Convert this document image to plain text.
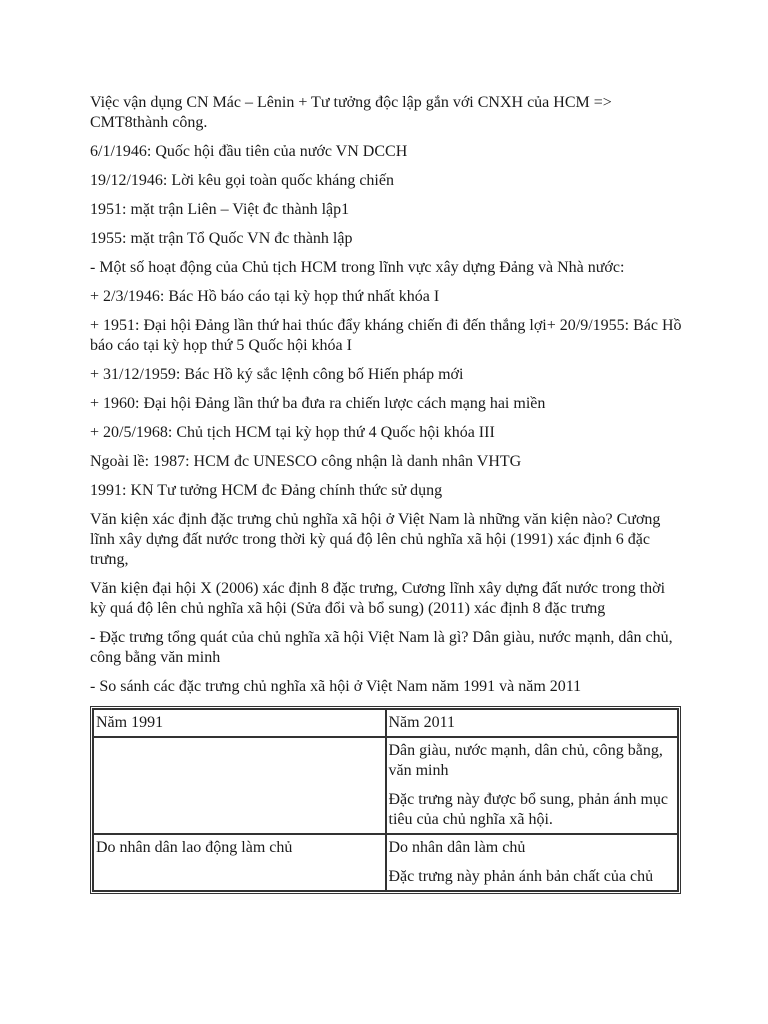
Việc vận dụng CN Mác – Lênin + Tư tưởng độc lập gắn với CNXH của HCM => CMT8thành công.

6/1/1946: Quốc hội đầu tiên của nước VN DCCH

19/12/1946: Lời kêu gọi toàn quốc kháng chiến

1951: mặt trận Liên – Việt đc thành lập1

1955: mặt trận Tổ Quốc VN đc thành lập

- Một số hoạt động của Chủ tịch HCM trong lĩnh vực xây dựng Đảng và Nhà nước:

+ 2/3/1946: Bác Hồ báo cáo tại kỳ họp thứ nhất khóa I

+ 1951: Đại hội Đảng lần thứ hai thúc đẩy kháng chiến đi đến thắng lợi+ 20/9/1955: Bác Hồ báo cáo tại kỳ họp thứ 5 Quốc hội khóa I

+ 31/12/1959: Bác Hồ ký sắc lệnh công bố Hiến pháp mới

+ 1960: Đại hội Đảng lần thứ ba đưa ra chiến lược cách mạng hai miền

+ 20/5/1968: Chủ tịch HCM tại kỳ họp thứ 4 Quốc hội khóa III

Ngoài lề: 1987: HCM đc UNESCO công nhận là danh nhân VHTG

1991: KN Tư tưởng HCM đc Đảng chính thức sử dụng

Văn kiện xác định đặc trưng chủ nghĩa xã hội ở Việt Nam là những văn kiện nào? Cương lĩnh xây dựng đất nước trong thời kỳ quá độ lên chủ nghĩa xã hội (1991) xác định 6 đặc trưng,

Văn kiện đại hội X (2006) xác định 8 đặc trưng, Cương lĩnh xây dựng đất nước trong thời kỳ quá độ lên chủ nghĩa xã hội (Sửa đổi và bổ sung) (2011) xác định 8 đặc trưng

- Đặc trưng tổng quát của chủ nghĩa xã hội Việt Nam là gì? Dân giàu, nước mạnh, dân chủ, công bằng văn minh

- So sánh các đặc trưng chủ nghĩa xã hội ở Việt Nam năm 1991 và năm 2011

Năm 1991	Năm 2011

	Dân giàu, nước mạnh, dân chủ, công bằng, văn minh

Đặc trưng này được bổ sung, phản ánh mục tiêu của chủ nghĩa xã hội.

Do nhân dân lao động làm chủ	Do nhân dân làm chủ

Đặc trưng này phản ánh bản chất của chủ
